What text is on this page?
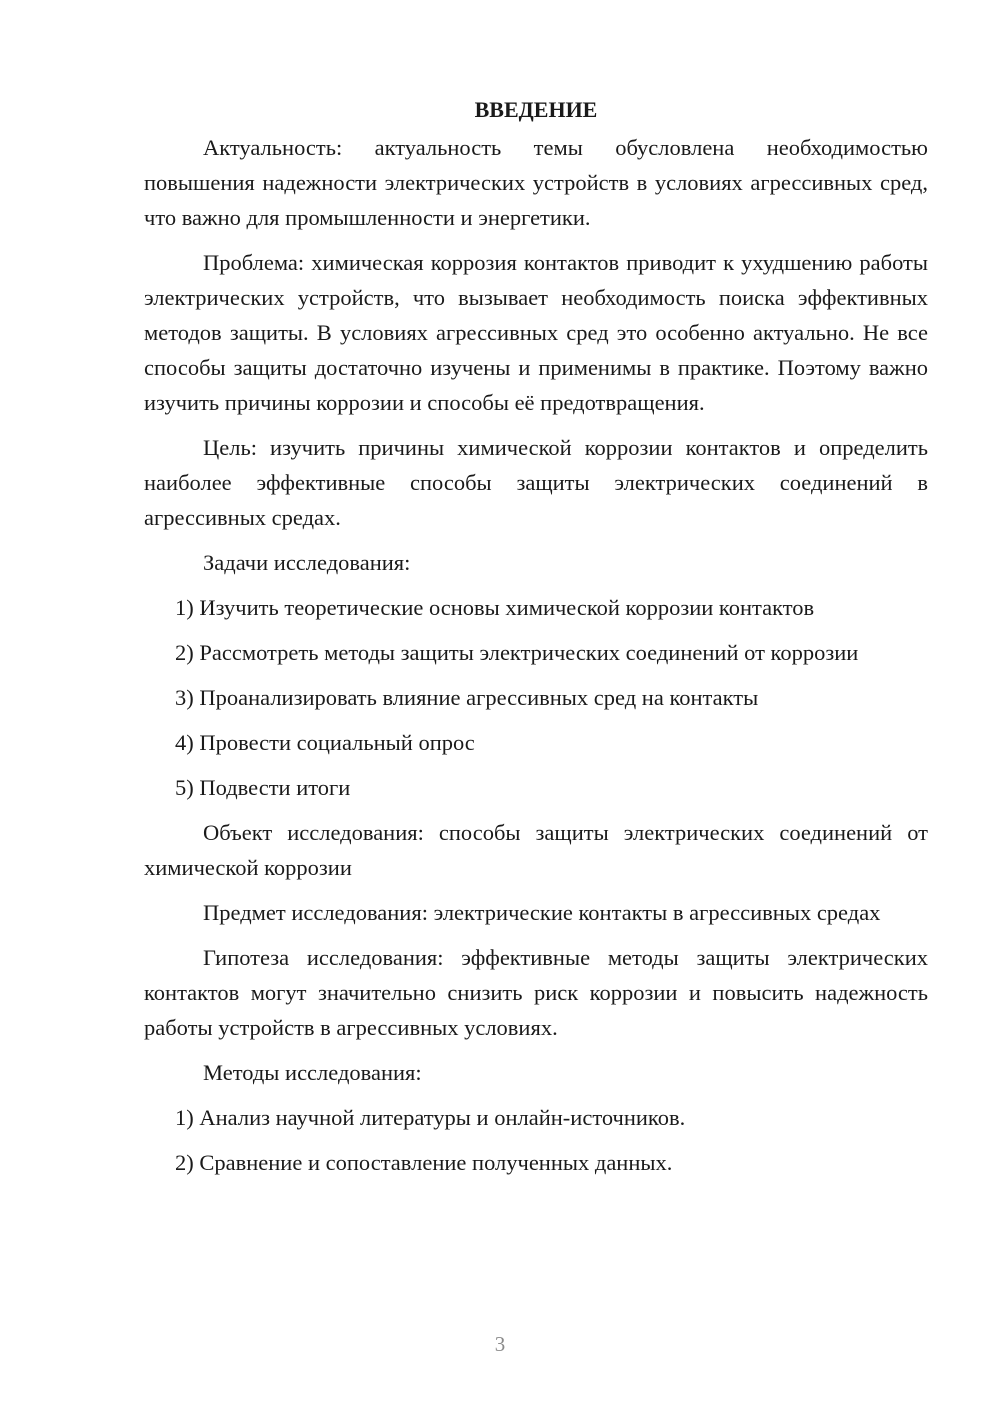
ВВЕДЕНИЕ

Актуальность: актуальность темы обусловлена необходимостью повышения надежности электрических устройств в условиях агрессивных сред, что важно для промышленности и энергетики.

Проблема: химическая коррозия контактов приводит к ухудшению работы электрических устройств, что вызывает необходимость поиска эффективных методов защиты. В условиях агрессивных сред это особенно актуально. Не все способы защиты достаточно изучены и применимы в практике. Поэтому важно изучить причины коррозии и способы её предотвращения.

Цель: изучить причины химической коррозии контактов и определить наиболее эффективные способы защиты электрических соединений в агрессивных средах.

Задачи исследования:

1) Изучить теоретические основы химической коррозии контактов

2) Рассмотреть методы защиты электрических соединений от коррозии

3) Проанализировать влияние агрессивных сред на контакты

4) Провести социальный опрос

5) Подвести итоги

Объект исследования: способы защиты электрических соединений от химической коррозии

Предмет исследования: электрические контакты в агрессивных средах

Гипотеза исследования: эффективные методы защиты электрических контактов могут значительно снизить риск коррозии и повысить надежность работы устройств в агрессивных условиях.

Методы исследования:

1) Анализ научной литературы и онлайн-источников.

2) Сравнение и сопоставление полученных данных.

3
